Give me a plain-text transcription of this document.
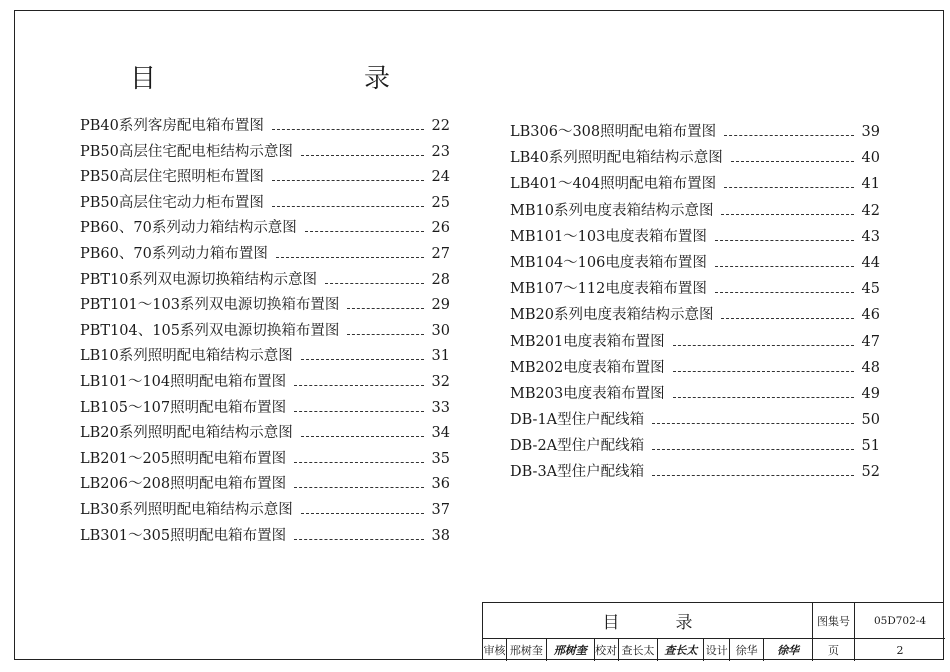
目	录
PB40系列客房配电箱布置图	22
PB50高层住宅配电柜结构示意图	23
PB50高层住宅照明柜布置图	24
PB50高层住宅动力柜布置图	25
PB60、70系列动力箱结构示意图	26
PB60、70系列动力箱布置图	27
PBT10系列双电源切换箱结构示意图	28
PBT101～103系列双电源切换箱布置图	29
PBT104、105系列双电源切换箱布置图	30
LB10系列照明配电箱结构示意图	31
LB101～104照明配电箱布置图	32
LB105～107照明配电箱布置图	33
LB20系列照明配电箱结构示意图	34
LB201～205照明配电箱布置图	35
LB206～208照明配电箱布置图	36
LB30系列照明配电箱结构示意图	37
LB301～305照明配电箱布置图	38
LB306～308照明配电箱布置图	39
LB40系列照明配电箱结构示意图	40
LB401～404照明配电箱布置图	41
MB10系列电度表箱结构示意图	42
MB101～103电度表箱布置图	43
MB104～106电度表箱布置图	44
MB107～112电度表箱布置图	45
MB20系列电度表箱结构示意图	46
MB201电度表箱布置图	47
MB202电度表箱布置图	48
MB203电度表箱布置图	49
DB-1A型住户配线箱	50
DB-2A型住户配线箱	51
DB-3A型住户配线箱	52
目	录
审核 邢树奎 邢树奎 校对 查长太 查长太 设计 徐华	徐华
图集号	05D702-4
页	2
